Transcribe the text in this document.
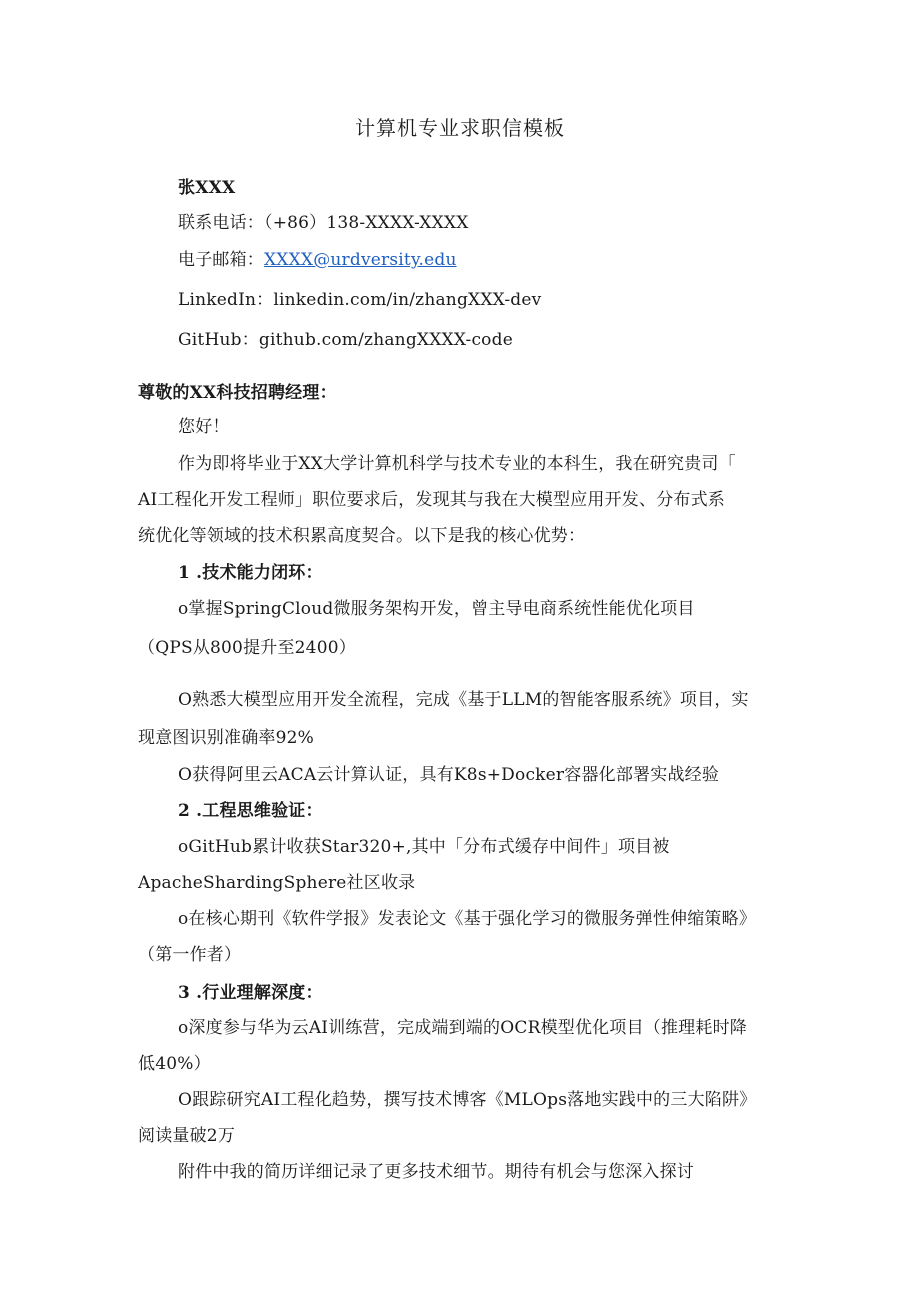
计算机专业求职信模板
张XXX
联系电话：（+86）138-XXXX-XXXX
电子邮箱：XXXX@urdversity.edu
LinkedIn：linkedin.com/in/zhangXXX-dev
GitHub：github.com/zhangXXXX-code
尊敬的XX科技招聘经理：
您好！
作为即将毕业于XX大学计算机科学与技术专业的本科生，我在研究贵司「
AI工程化开发工程师」职位要求后，发现其与我在大模型应用开发、分布式系
统优化等领域的技术积累高度契合。以下是我的核心优势：
1 .技术能力闭环：
o掌握SpringCloud微服务架构开发，曾主导电商系统性能优化项目
（QPS从800提升至2400）
O熟悉大模型应用开发全流程，完成《基于LLM的智能客服系统》项目，实
现意图识别准确率92%
O获得阿里云ACA云计算认证，具有K8s+Docker容器化部署实战经验
2 .工程思维验证：
oGitHub累计收获Star320+,其中「分布式缓存中间件」项目被
ApacheShardingSphere社区收录
o在核心期刊《软件学报》发表论文《基于强化学习的微服务弹性伸缩策略》
（第一作者）
3 .行业理解深度：
o深度参与华为云AI训练营，完成端到端的OCR模型优化项目（推理耗时降
低40%）
O跟踪研究AI工程化趋势，撰写技术博客《MLOps落地实践中的三大陷阱》
阅读量破2万
附件中我的简历详细记录了更多技术细节。期待有机会与您深入探讨
